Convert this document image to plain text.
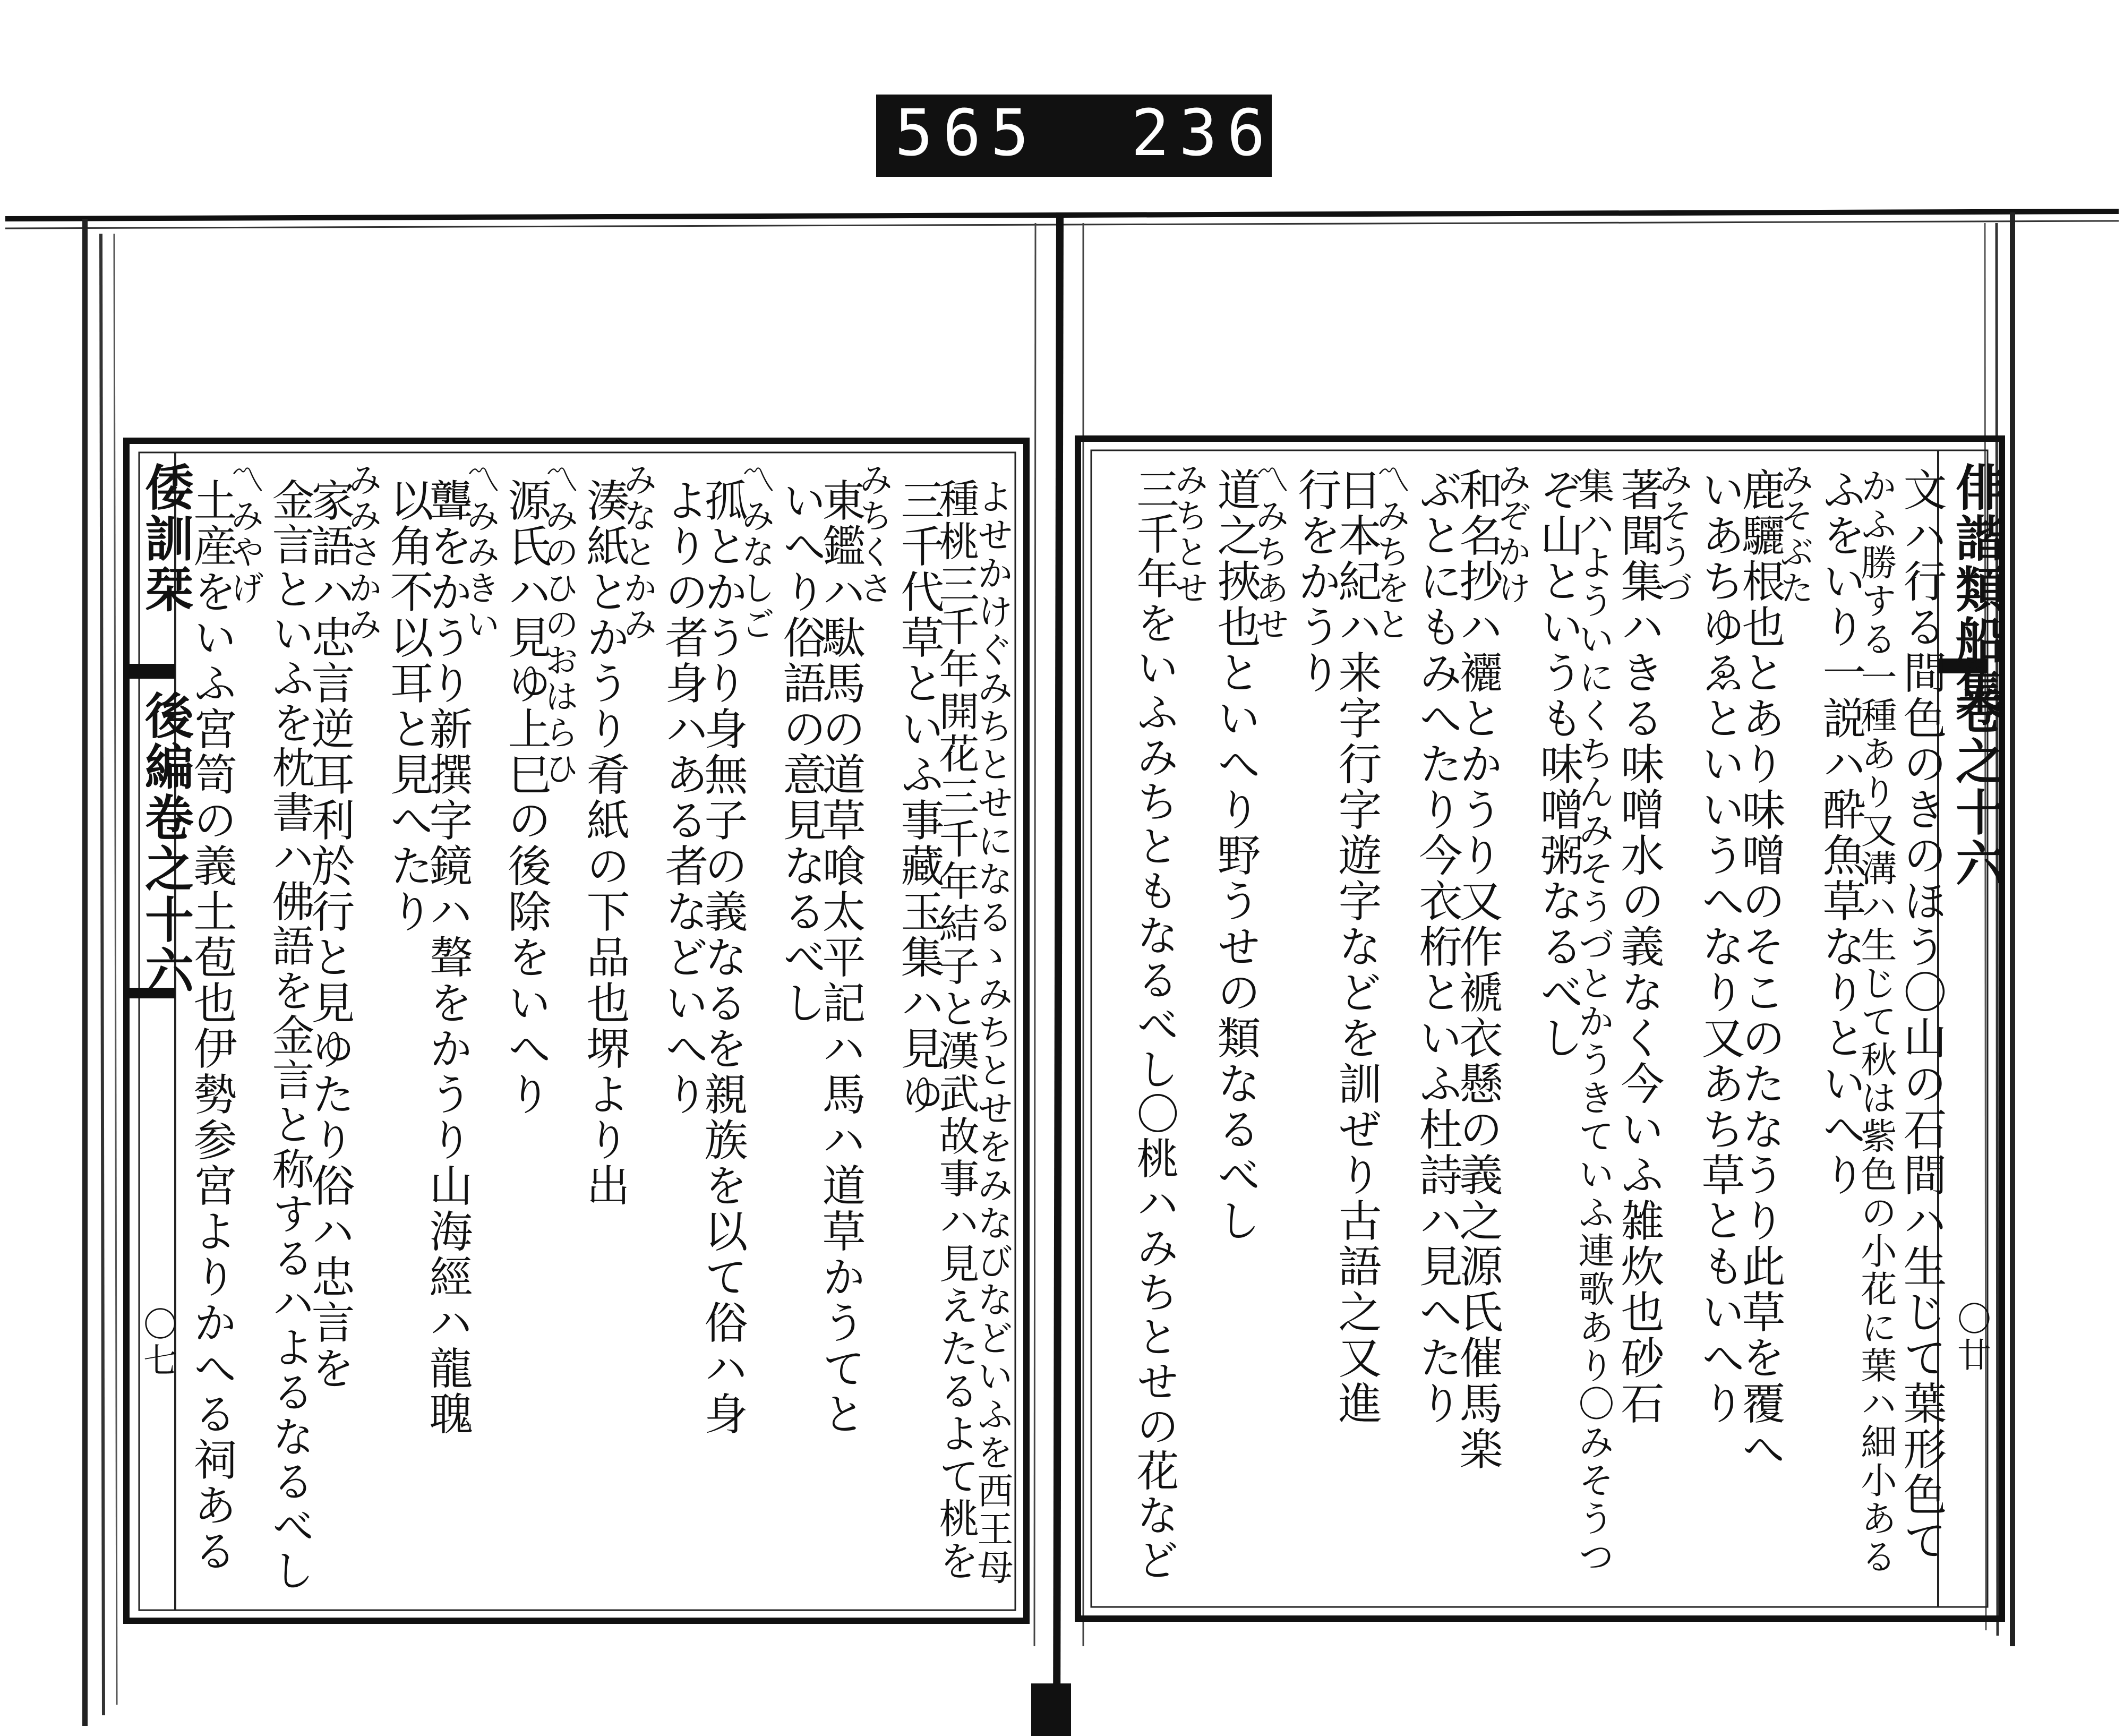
565 236.
倭訓栞
後編卷之十六
〇七	よせかけぐみちとせになるゝみちとせをみなびなどいふを西王母
種桃三千年開花三千年結子と漢武故事ハ見えたるよて桃を
三千代草といふ事藏玉集ハ見ゆ
みちくさ
東鑑ハ駄馬の道草喰太平記ハ馬ハ道草かうてと
いへり俗語の意見なるべし
〽みなしご
孤とかうり身無子の義なるを親族を以て俗ハ身
よりの者身ハある者などいへり
みなとかみ
湊紙とかうり肴紙の下品也堺より出
〽みのひのおはらひ
源氏ハ見ゆ上巳の後除をいへり
〽みみきい
聾をかうり新撰字鏡ハ聱をかうり山海經ハ龍聭
以角不以耳と見へたり
みみさかみ
家語ハ忠言逆耳利於行と見ゆたり俗ハ忠言を
金言といふを枕書ハ佛語を金言と称するハよるなるべし
〽みやげ
土産をいふ宮笥の義土苞也伊勢参宮よりかへる祠ある	俳諧類船集
卷之十六
〇廿
文ハ行る間色のきのほう〇山の石間ハ生じて葉形色て
かふ勝する一種あり又溝ハ生じて秋は紫色の小花に葉ハ細小ある
ふをいり一説ハ酔魚草なりといへり
みそぶた
鹿驪根也とあり味噌のそこのたなうり此草を覆へ
いあちゆゑといいうへなり又あち草ともいへり
みそうづ
著聞集ハきる味噌水の義なく今いふ雑炊也砂石
集ハよういにくちんみそうづとかうきていふ連歌あり〇みそうつ
ぞ山というも味噌粥なるべし
みぞかけ
和名抄ハ襹とかうり又作褫衣懸の義之源氏催馬楽
ぶとにもみへたり今衣桁といふ杜詩ハ見へたり
〽みちをと
日本紀ハ来字行字遊字などを訓ぜり古語之又進
行をかうり
〽みちあせ
道之挾也といへり野うせの類なるべし
みちとせ
三千年をいふみちともなるべし〇桃ハみちとせの花など
